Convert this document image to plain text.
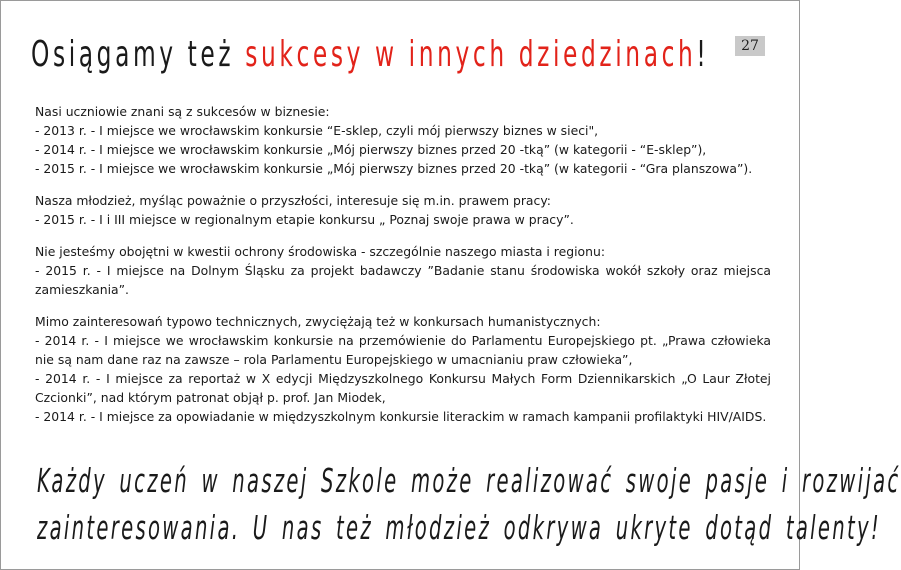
Osiągamy też sukcesy w innych dziedzinach!	27
Nasi uczniowie znani są z sukcesów w biznesie:
- 2013 r. - I miejsce we wrocławskim konkursie “E-sklep, czyli mój pierwszy biznes w sieci",
- 2014 r. - I miejsce we wrocławskim konkursie „Mój pierwszy biznes przed 20 -tką” (w kategorii - “E-sklep”),
- 2015 r. - I miejsce we wrocławskim konkursie „Mój pierwszy biznes przed 20 -tką” (w kategorii - “Gra planszowa”).
Nasza młodzież, myśląc poważnie o przyszłości, interesuje się m.in. prawem pracy:
- 2015 r. - I i III miejsce w regionalnym etapie konkursu „ Poznaj swoje prawa w pracy”.
Nie jesteśmy obojętni w kwestii ochrony środowiska - szczególnie naszego miasta i regionu:
- 2015 r. - I miejsce na Dolnym Śląsku za projekt badawczy ”Badanie stanu środowiska wokół szkoły oraz miejsca zamieszkania”.
Mimo zainteresowań typowo technicznych, zwyciężają też w konkursach humanistycznych:
- 2014 r. - I miejsce we wrocławskim konkursie na przemówienie do Parlamentu Europejskiego pt. „Prawa człowieka nie są nam dane raz na zawsze – rola Parlamentu Europejskiego w umacnianiu praw człowieka”,
- 2014 r. - I miejsce za reportaż w X edycji Międzyszkolnego Konkursu Małych Form Dziennikarskich „O Laur Złotej Czcionki”, nad którym patronat objął p. prof. Jan Miodek,
- 2014 r. - I miejsce za opowiadanie w międzyszkolnym konkursie literackim w ramach kampanii profilaktyki HIV/AIDS.
Każdy uczeń w naszej Szkole może realizować swoje pasje i rozwijać
zainteresowania. U nas też młodzież odkrywa ukryte dotąd talenty!
